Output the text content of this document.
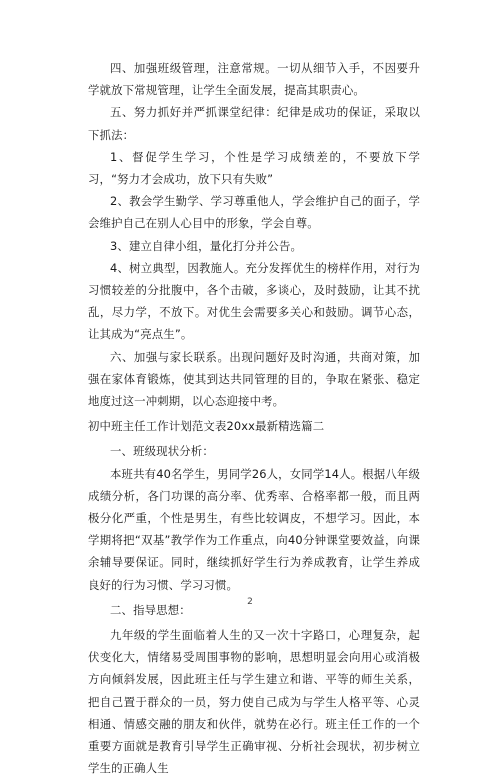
四、加强班级管理，注意常规。一切从细节入手，不因要升学就放下常规管理，让学生全面发展，提高其职责心。

五、努力抓好并严抓课堂纪律：纪律是成功的保证，采取以下抓法：

1、督促学生学习，个性是学习成绩差的，不要放下学习，“努力才会成功，放下只有失败”

2、教会学生勤学、学习尊重他人，学会维护自己的面子，学会维护自己在别人心目中的形象，学会自尊。

3、建立自律小组，量化打分并公告。

4、树立典型，因教施人。充分发挥优生的榜样作用，对行为习惯较差的分批腹中，各个击破，多谈心，及时鼓励，让其不扰乱，尽力学，不放下。对优生会需要多关心和鼓励。调节心态，让其成为“亮点生”。

六、加强与家长联系。出现问题好及时沟通，共商对策，加强在家体育锻炼，使其到达共同管理的目的，争取在紧张、稳定地度过这一冲刺期，以心态迎接中考。

初中班主任工作计划范文表20xx最新精选篇二

一、班级现状分析：

本班共有40名学生，男同学26人，女同学14人。根据八年级成绩分析，各门功课的高分率、优秀率、合格率都一般，而且两极分化严重，个性是男生，有些比较调皮，不想学习。因此，本学期将把“双基”教学作为工作重点，向40分钟课堂要效益，向课余辅导要保证。同时，继续抓好学生行为养成教育，让学生养成良好的行为习惯、学习习惯。

二、指导思想：

九年级的学生面临着人生的又一次十字路口，心理复杂，起伏变化大，情绪易受周围事物的影响，思想明显会向用心或消极方向倾斜发展，因此班主任与学生建立和谐、平等的师生关系，把自己置于群众的一员，努力使自己成为与学生人格平等、心灵相通、情感交融的朋友和伙伴，就势在必行。班主任工作的一个重要方面就是教育引导学生正确审视、分析社会现状，初步树立学生的正确人生

2
